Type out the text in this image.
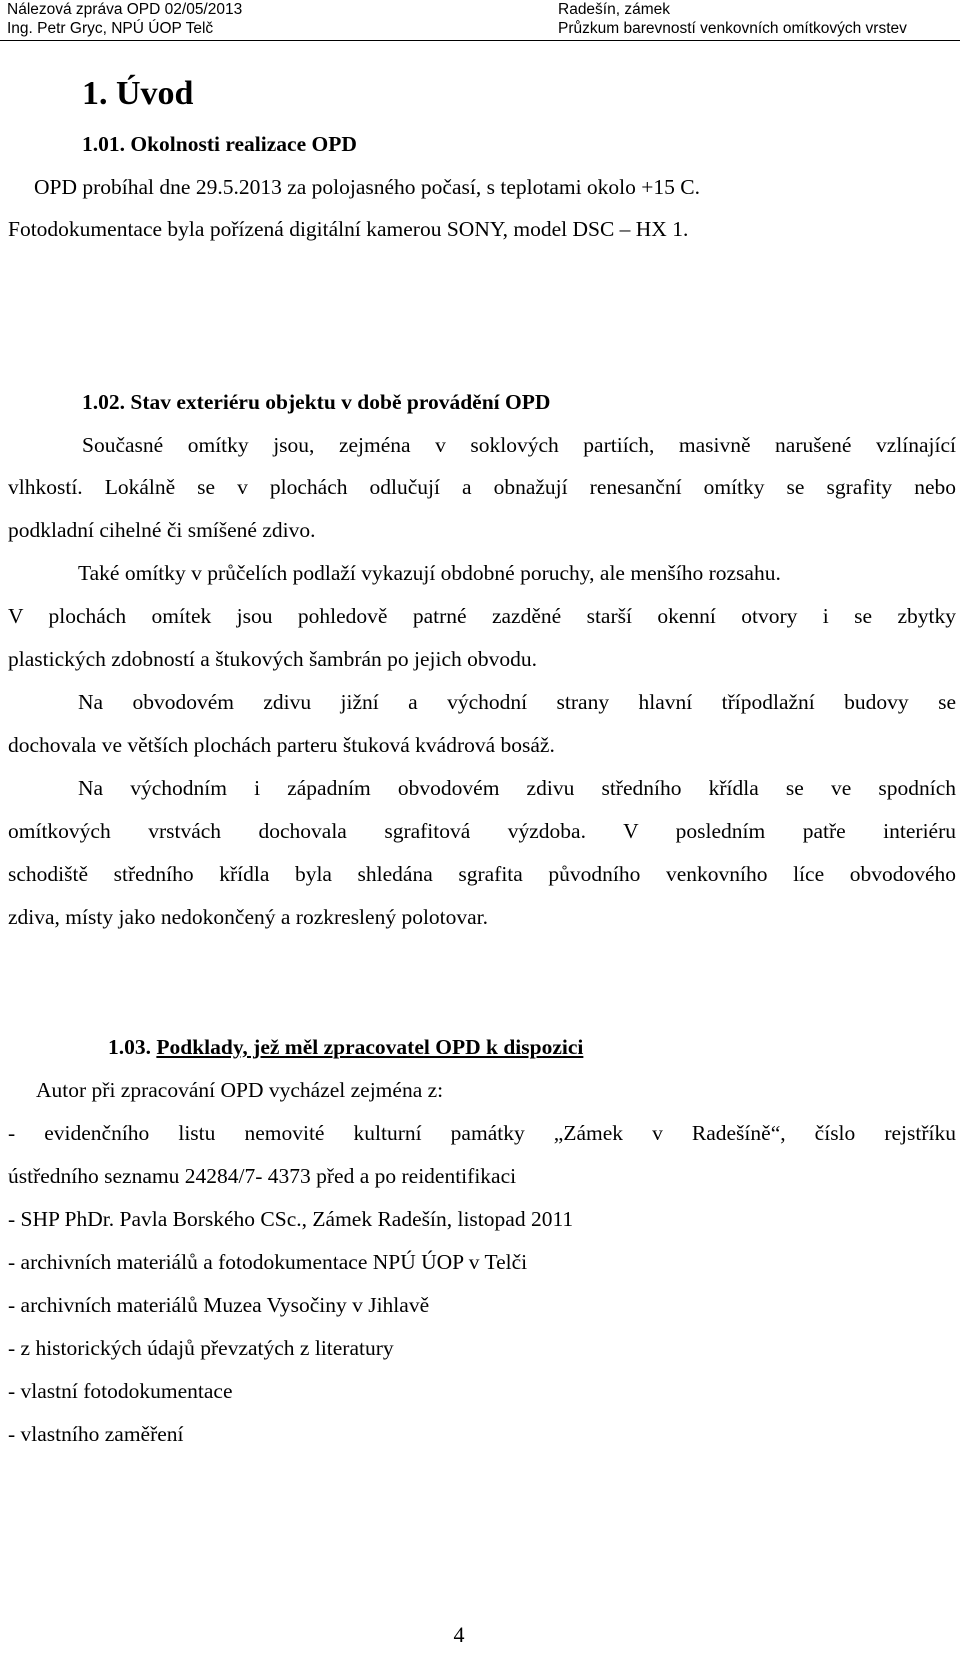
Nálezová zpráva OPD 02/05/2013
Ing. Petr Gryc, NPÚ ÚOP Telč
Radešín, zámek
Průzkum barevností venkovních omítkových vrstev
1. Úvod
1.01. Okolnosti realizace OPD
OPD probíhal dne 29.5.2013 za polojasného počasí, s teplotami okolo +15 C.
Fotodokumentace byla pořízená digitální kamerou SONY, model DSC – HX 1.
1.02. Stav exteriéru objektu v době provádění OPD
Současné omítky jsou, zejména v soklových partiích, masivně narušené vzlínající
vlhkostí. Lokálně se v plochách odlučují a obnažují renesanční omítky se sgrafity nebo
podkladní cihelné či smíšené zdivo.
Také omítky v průčelích podlaží vykazují obdobné poruchy, ale menšího rozsahu.
V plochách omítek jsou pohledově patrné zazděné starší okenní otvory i se zbytky
plastických zdobností a štukových šambrán po jejich obvodu.
Na obvodovém zdivu jižní a východní strany hlavní třípodlažní budovy se
dochovala ve větších plochách parteru štuková kvádrová bosáž.
Na východním i západním obvodovém zdivu středního křídla se ve spodních
omítkových vrstvách dochovala sgrafitová výzdoba. V posledním patře interiéru
schodiště středního křídla byla shledána sgrafita původního venkovního líce obvodového
zdiva, místy jako nedokončený a rozkreslený polotovar.
1.03. Podklady, jež měl zpracovatel OPD k dispozici
Autor při zpracování OPD vycházel zejména z:
- evidenčního listu nemovité kulturní památky „Zámek v Radešíně“, číslo rejstříku
ústředního seznamu 24284/7- 4373 před a po reidentifikaci
- SHP PhDr. Pavla Borského CSc., Zámek Radešín, listopad 2011
- archivních materiálů a fotodokumentace NPÚ ÚOP v Telči
- archivních materiálů Muzea Vysočiny v Jihlavě
- z historických údajů převzatých z literatury
- vlastní fotodokumentace
- vlastního zaměření
4
